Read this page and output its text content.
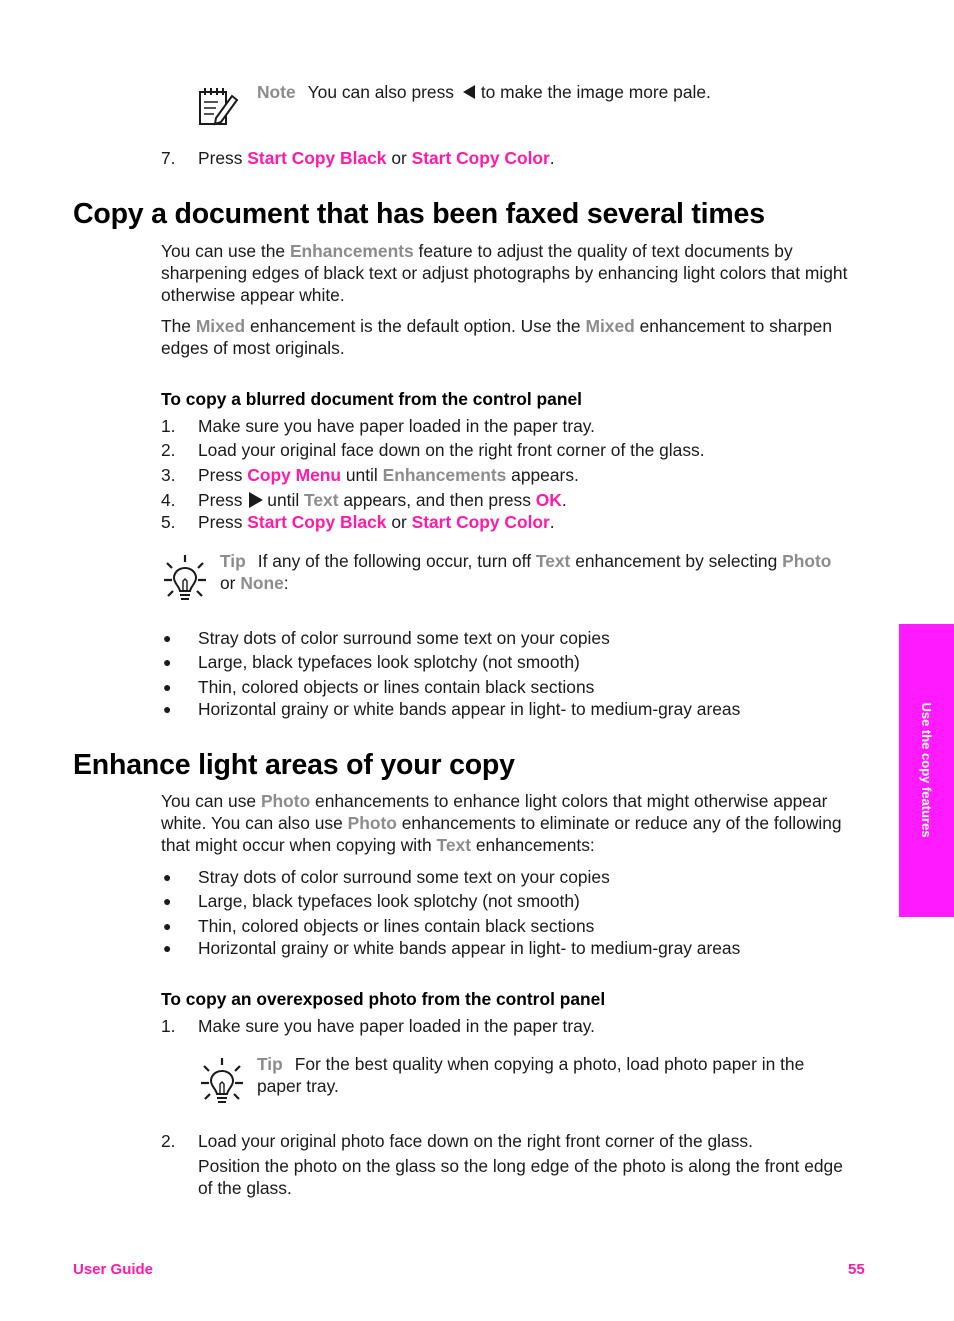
Note You can also press to make the image more pale.
7. Press Start Copy Black or Start Copy Color.
Copy a document that has been faxed several times

You can use the Enhancements feature to adjust the quality of text documents by sharpening edges of black text or adjust photographs by enhancing light colors that might otherwise appear white.

The Mixed enhancement is the default option. Use the Mixed enhancement to sharpen edges of most originals.

To copy a blurred document from the control panel
1. Make sure you have paper loaded in the paper tray.
2. Load your original face down on the right front corner of the glass.
3. Press Copy Menu until Enhancements appears.
4. Press until Text appears, and then press OK.
5. Press Start Copy Black or Start Copy Color.
Tip If any of the following occur, turn off Text enhancement by selecting Photo or None:
● Stray dots of color surround some text on your copies
● Large, black typefaces look splotchy (not smooth)
● Thin, colored objects or lines contain black sections
● Horizontal grainy or white bands appear in light- to medium-gray areas
Enhance light areas of your copy

You can use Photo enhancements to enhance light colors that might otherwise appear white. You can also use Photo enhancements to eliminate or reduce any of the following that might occur when copying with Text enhancements:

● Stray dots of color surround some text on your copies
● Large, black typefaces look splotchy (not smooth)
● Thin, colored objects or lines contain black sections
● Horizontal grainy or white bands appear in light- to medium-gray areas
To copy an overexposed photo from the control panel
1. Make sure you have paper loaded in the paper tray.
Tip For the best quality when copying a photo, load photo paper in the paper tray.
2. Load your original photo face down on the right front corner of the glass.
Position the photo on the glass so the long edge of the photo is along the front edge of the glass.
Use the copy features
User Guide	55
